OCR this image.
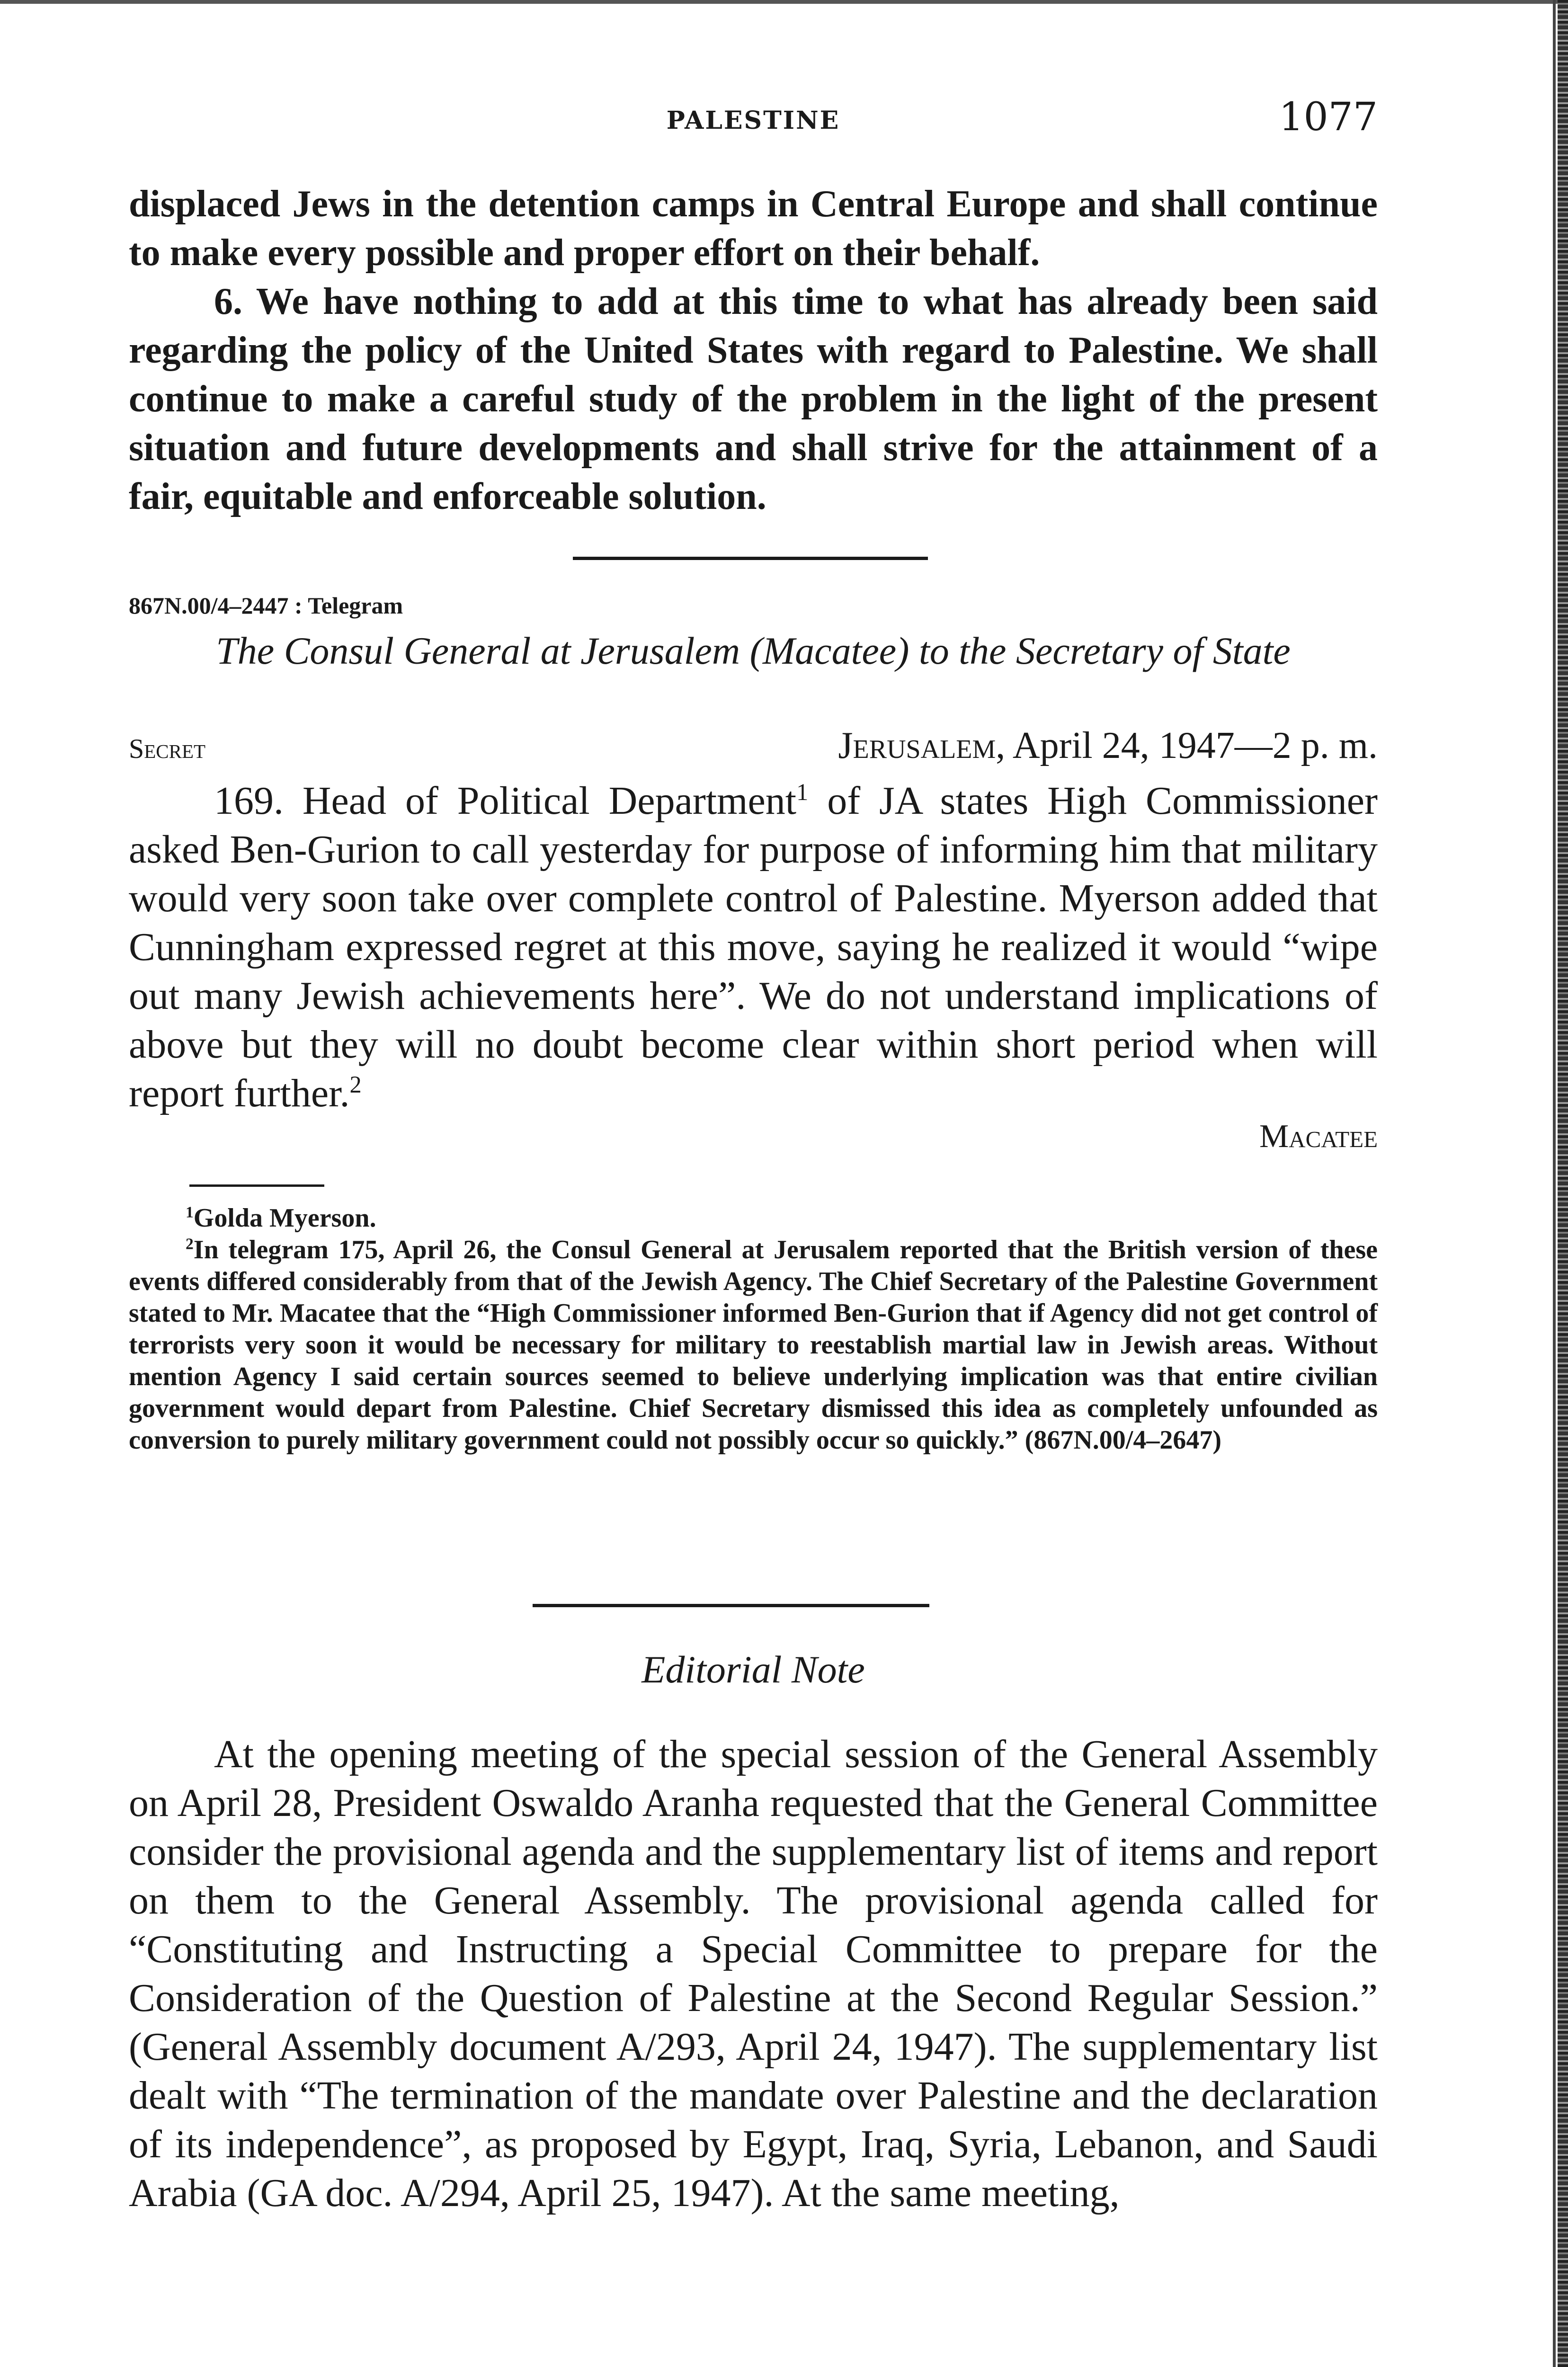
PALESTINE	1077

displaced Jews in the detention camps in Central Europe and shall continue to make every possible and proper effort on their behalf.

6. We have nothing to add at this time to what has already been said regarding the policy of the United States with regard to Palestine. We shall continue to make a careful study of the problem in the light of the present situation and future developments and shall strive for the attainment of a fair, equitable and enforceable solution.

867N.00/4–2447 : Telegram
The Consul General at Jerusalem (Macatee) to the Secretary of State
Secret	Jerusalem, April 24, 1947—2 p. m.

169. Head of Political Department$^1$ of JA states High Commissioner asked Ben-Gurion to call yesterday for purpose of informing him that military would very soon take over complete control of Palestine. Myerson added that Cunningham expressed regret at this move, saying he realized it would “wipe out many Jewish achievements here”. We do not understand implications of above but they will no doubt become clear within short period when will report further.$^2$

Macatee

$^1$Golda Myerson.

$^2$In telegram 175, April 26, the Consul General at Jerusalem reported that the British version of these events differed considerably from that of the Jewish Agency. The Chief Secretary of the Palestine Government stated to Mr. Macatee that the “High Commissioner informed Ben-Gurion that if Agency did not get control of terrorists very soon it would be necessary for military to reestablish martial law in Jewish areas. Without mention Agency I said certain sources seemed to believe underlying implication was that entire civilian government would depart from Palestine. Chief Secretary dismissed this idea as completely unfounded as conversion to purely military government could not possibly occur so quickly.” (867N.00/4–2647)

Editorial Note

At the opening meeting of the special session of the General Assembly on April 28, President Oswaldo Aranha requested that the General Committee consider the provisional agenda and the supplementary list of items and report on them to the General Assembly. The provisional agenda called for “Constituting and Instructing a Special Committee to prepare for the Consideration of the Question of Palestine at the Second Regular Session.” (General Assembly document A/293, April 24, 1947). The supplementary list dealt with “The termination of the mandate over Palestine and the declaration of its independence”, as proposed by Egypt, Iraq, Syria, Lebanon, and Saudi Arabia (GA doc. A/294, April 25, 1947). At the same meeting,
